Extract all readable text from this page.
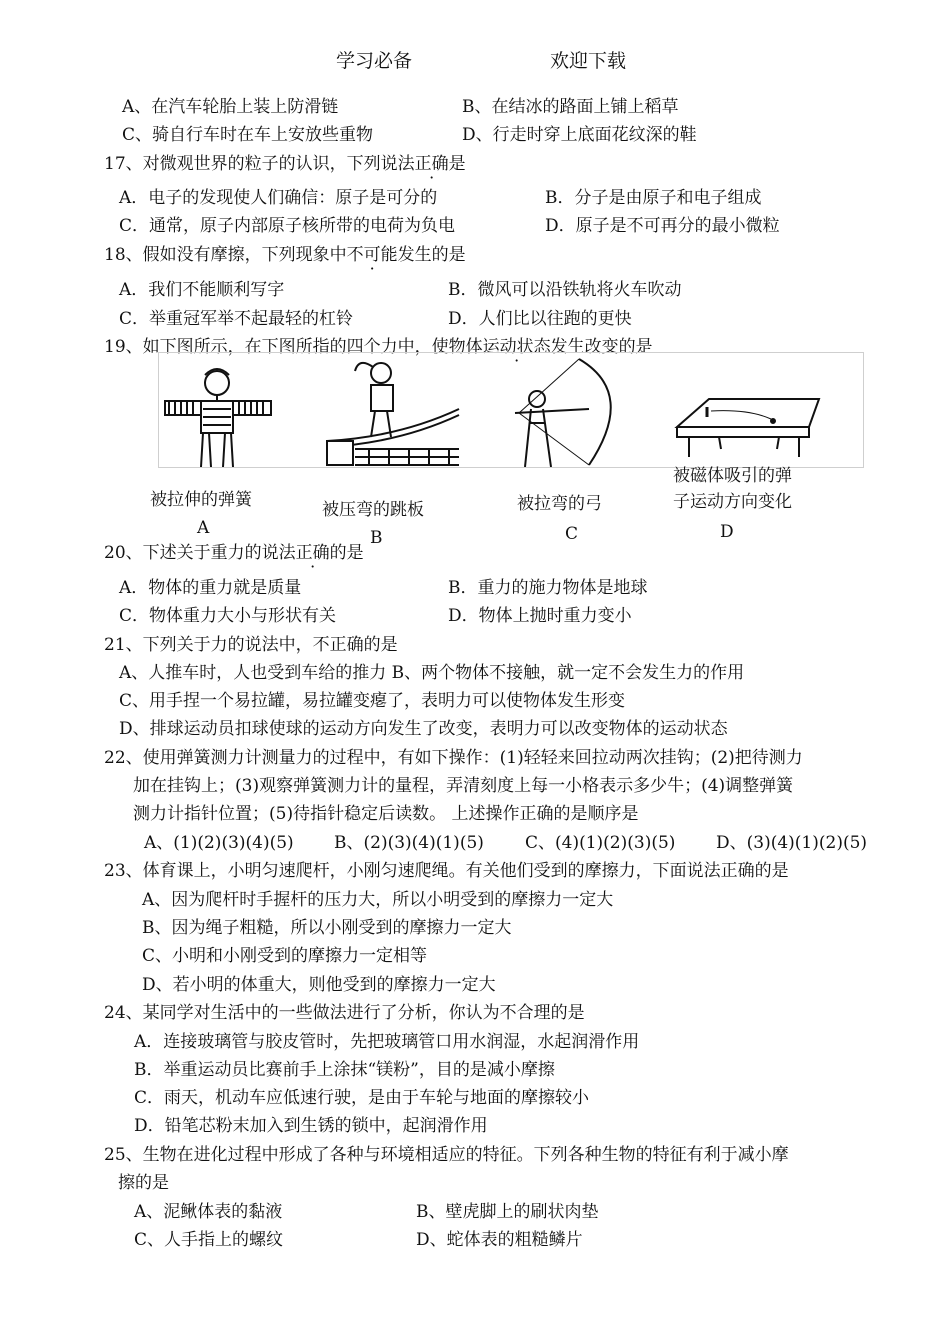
学习必备	欢迎下载
A、在汽车轮胎上装上防滑链	B、在结冰的路面上铺上稻草
C、骑自行车时在车上安放些重物	D、行走时穿上底面花纹深的鞋
17、对微观世界的粒子的认识，下列说法正确是
A．电子的发现使人们确信：原子是可分的	B．分子是由原子和电子组成
C．通常，原子内部原子核所带的电荷为负电	D．原子是不可再分的最小微粒
18、假如没有摩擦，下列现象中不可能发生的是
A．我们不能顺利写字	B．微风可以沿铁轨将火车吹动
C．举重冠军举不起最轻的杠铃	D．人们比以往跑的更快
19、如下图所示，在下图所指的四个力中，使物体运动状态发生改变的是
被拉伸的弹簧	被压弯的跳板	被拉弯的弓
被磁体吸引的弹
子运动方向变化
A	B	C	D
20、下述关于重力的说法正确的是
A．物体的重力就是质量	B．重力的施力物体是地球
C．物体重力大小与形状有关	D．物体上抛时重力变小
21、下列关于力的说法中，不正确的是
A、人推车时，人也受到车给的推力 B、两个物体不接触，就一定不会发生力的作用
C、用手捏一个易拉罐，易拉罐变瘪了，表明力可以使物体发生形变
D、排球运动员扣球使球的运动方向发生了改变，表明力可以改变物体的运动状态
22、使用弹簧测力计测量力的过程中，有如下操作：(1)轻轻来回拉动两次挂钩；(2)把待测力
加在挂钩上；(3)观察弹簧测力计的量程，弄清刻度上每一小格表示多少牛；(4)调整弹簧
测力计指针位置；(5)待指针稳定后读数。 上述操作正确的是顺序是
A、(1)(2)(3)(4)(5) B、(2)(3)(4)(1)(5) C、(4)(1)(2)(3)(5) D、(3)(4)(1)(2)(5)
23、体育课上，小明匀速爬杆，小刚匀速爬绳。有关他们受到的摩擦力，下面说法正确的是
A、因为爬杆时手握杆的压力大，所以小明受到的摩擦力一定大
B、因为绳子粗糙，所以小刚受到的摩擦力一定大
C、小明和小刚受到的摩擦力一定相等
D、若小明的体重大，则他受到的摩擦力一定大
24、某同学对生活中的一些做法进行了分析，你认为不合理的是
A．连接玻璃管与胶皮管时，先把玻璃管口用水润湿，水起润滑作用
B．举重运动员比赛前手上涂抹“镁粉”，目的是减小摩擦
C．雨天，机动车应低速行驶，是由于车轮与地面的摩擦较小
D．铅笔芯粉末加入到生锈的锁中，起润滑作用
25、生物在进化过程中形成了各种与环境相适应的特征。下列各种生物的特征有利于减小摩
擦的是
A、泥鳅体表的黏液	B、壁虎脚上的刷状肉垫
C、人手指上的螺纹	D、蛇体表的粗糙鳞片
